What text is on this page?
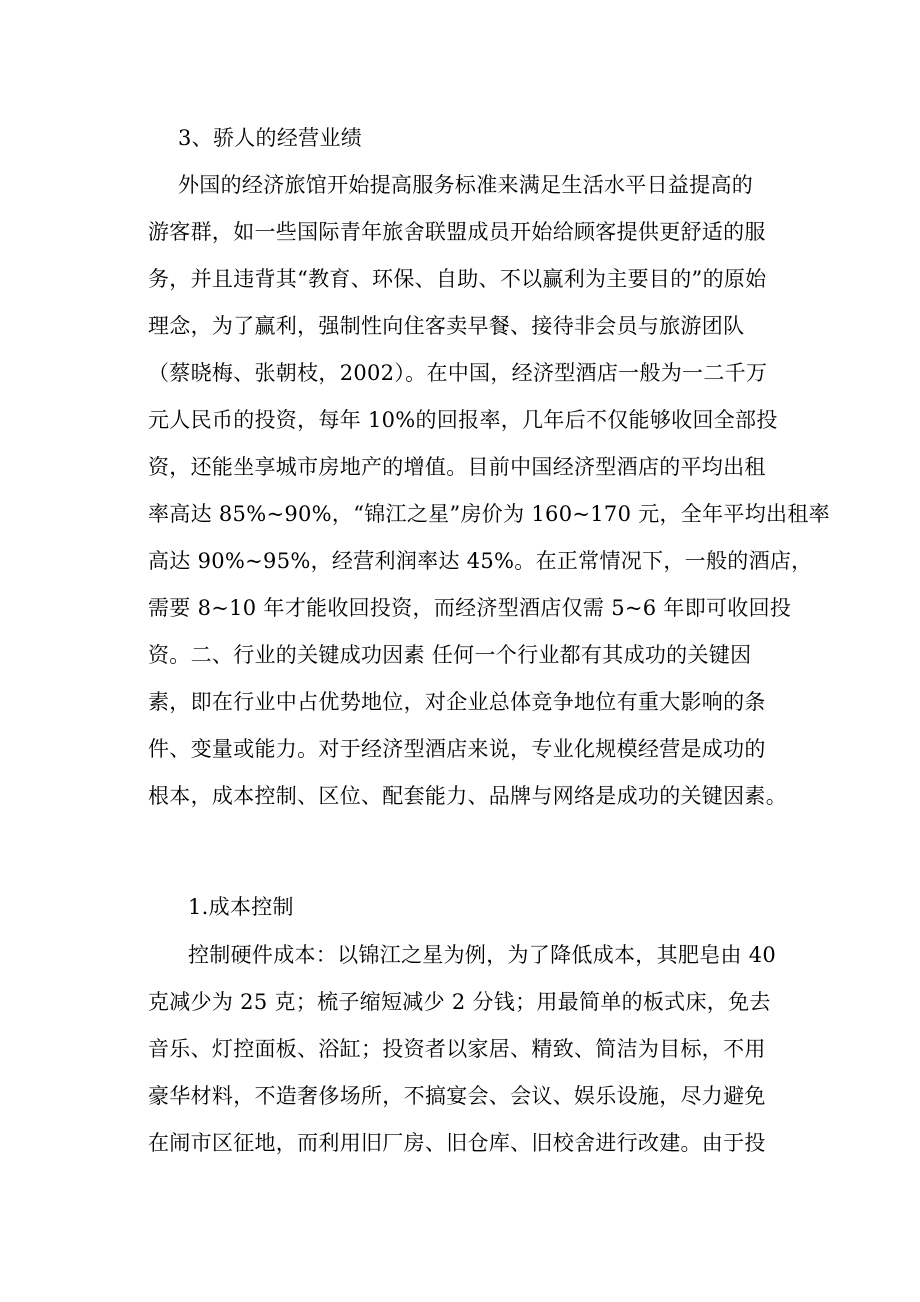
3、骄人的经营业绩
外国的经济旅馆开始提高服务标准来满足生活水平日益提高的
游客群，如一些国际青年旅舍联盟成员开始给顾客提供更舒适的服
务，并且违背其“教育、环保、自助、不以赢利为主要目的”的原始
理念，为了赢利，强制性向住客卖早餐、接待非会员与旅游团队
（蔡晓梅、张朝枝，2002）。在中国，经济型酒店一般为一二千万
元人民币的投资，每年 10%的回报率，几年后不仅能够收回全部投
资，还能坐享城市房地产的增值。目前中国经济型酒店的平均出租
率高达 85%~90%，“锦江之星”房价为 160~170 元，全年平均出租率
高达 90%~95%，经营利润率达 45%。在正常情况下，一般的酒店，
需要 8~10 年才能收回投资，而经济型酒店仅需 5~6 年即可收回投
资。二、行业的关键成功因素 任何一个行业都有其成功的关键因
素，即在行业中占优势地位，对企业总体竞争地位有重大影响的条
件、变量或能力。对于经济型酒店来说，专业化规模经营是成功的
根本，成本控制、区位、配套能力、品牌与网络是成功的关键因素。
1.成本控制
控制硬件成本：以锦江之星为例，为了降低成本，其肥皂由 40
克减少为 25 克；梳子缩短减少 2 分钱；用最简单的板式床，免去
音乐、灯控面板、浴缸；投资者以家居、精致、简洁为目标，不用
豪华材料，不造奢侈场所，不搞宴会、会议、娱乐设施，尽力避免
在闹市区征地，而利用旧厂房、旧仓库、旧校舍进行改建。由于投
